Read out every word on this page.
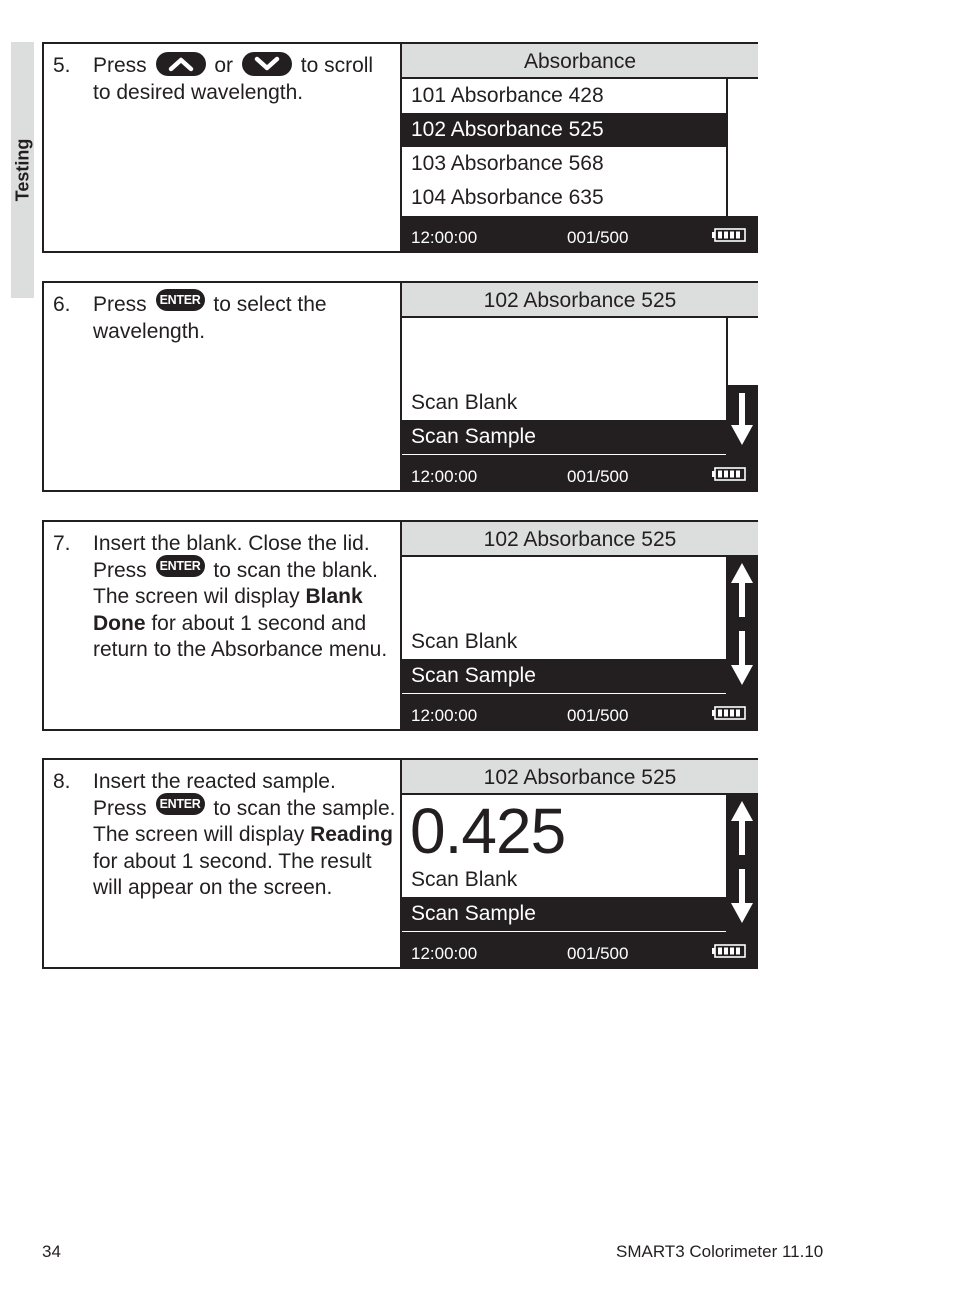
Testing
5. Press	or	to scroll to desired wavelength.
Absorbance
101 Absorbance 428
102 Absorbance 525
103 Absorbance 568
104 Absorbance 635
12:00:00	001/500
6. Press ENTER to select the wavelength.
102 Absorbance 525
Scan Blank
Scan Sample
12:00:00	001/500
7. Insert the blank. Close the lid.
Press ENTER to scan the blank. The screen wil display Blank Done for about 1 second and return to the Absorbance menu.
102 Absorbance 525
Scan Blank
Scan Sample
12:00:00	001/500
8. Insert the reacted sample.
Press ENTER to scan the sample. The screen will display Reading for about 1 second. The result will appear on the screen.
102 Absorbance 525
0.425
Scan Blank
Scan Sample
12:00:00	001/500
34	SMART3 Colorimeter 11.10
